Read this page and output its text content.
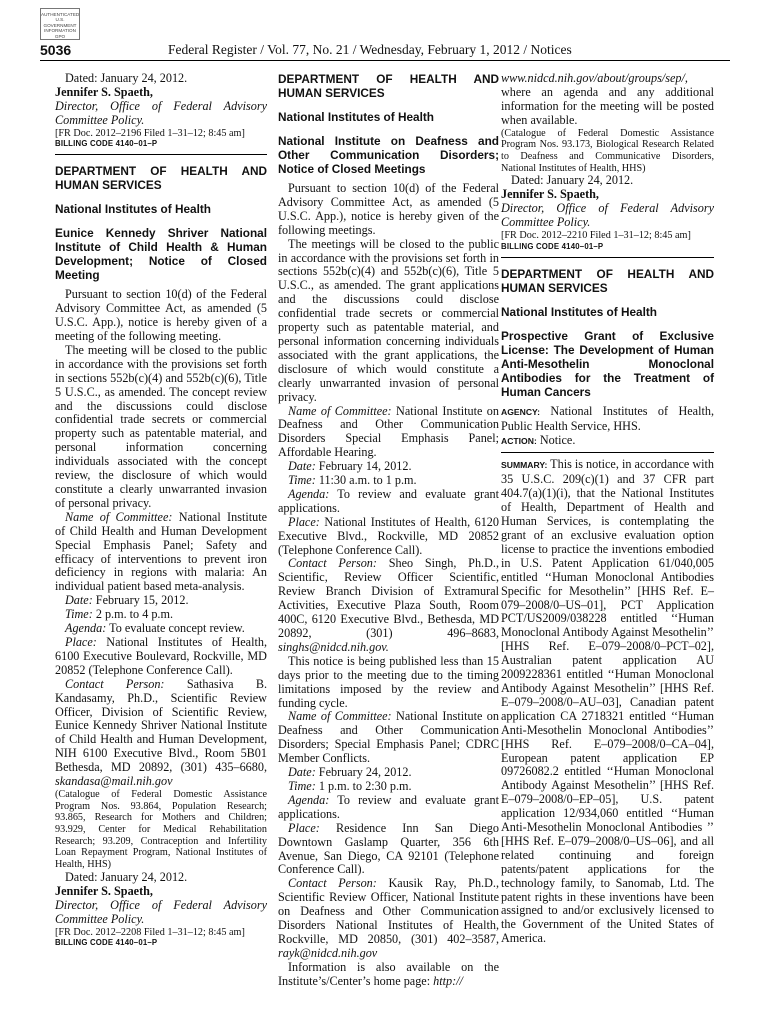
AUTHENTICATED U.S. GOVERNMENT INFORMATION GPO
5036	Federal Register / Vol. 77, No. 21 / Wednesday, February 1, 2012 / Notices

Dated: January 24, 2012.

Jennifer S. Spaeth,

Director, Office of Federal Advisory Committee Policy.

[FR Doc. 2012–2196 Filed 1–31–12; 8:45 am]

BILLING CODE 4140–01–P

DEPARTMENT OF HEALTH AND HUMAN SERVICES

National Institutes of Health

Eunice Kennedy Shriver National Institute of Child Health & Human Development; Notice of Closed Meeting

Pursuant to section 10(d) of the Federal Advisory Committee Act, as amended (5 U.S.C. App.), notice is hereby given of a meeting of the following meeting.

The meeting will be closed to the public in accordance with the provisions set forth in sections 552b(c)(4) and 552b(c)(6), Title 5 U.S.C., as amended. The concept review and the discussions could disclose confidential trade secrets or commercial property such as patentable material, and personal information concerning individuals associated with the concept review, the disclosure of which would constitute a clearly unwarranted invasion of personal privacy.

Name of Committee: National Institute of Child Health and Human Development Special Emphasis Panel; Safety and efficacy of interventions to prevent iron deficiency in regions with malaria: An individual patient based meta-analysis.

Date: February 15, 2012.

Time: 2 p.m. to 4 p.m.

Agenda: To evaluate concept review.

Place: National Institutes of Health, 6100 Executive Boulevard, Rockville, MD 20852 (Telephone Conference Call).

Contact Person: Sathasiva B. Kandasamy, Ph.D., Scientific Review Officer, Division of Scientific Review, Eunice Kennedy Shriver National Institute of Child Health and Human Development, NIH 6100 Executive Blvd., Room 5B01 Bethesda, MD 20892, (301) 435–6680, skandasa@mail.nih.gov

(Catalogue of Federal Domestic Assistance Program Nos. 93.864, Population Research; 93.865, Research for Mothers and Children; 93.929, Center for Medical Rehabilitation Research; 93.209, Contraception and Infertility Loan Repayment Program, National Institutes of Health, HHS)

Dated: January 24, 2012.

Jennifer S. Spaeth,

Director, Office of Federal Advisory Committee Policy.

[FR Doc. 2012–2208 Filed 1–31–12; 8:45 am]

BILLING CODE 4140–01–P

DEPARTMENT OF HEALTH AND HUMAN SERVICES

National Institutes of Health

National Institute on Deafness and Other Communication Disorders; Notice of Closed Meetings

Pursuant to section 10(d) of the Federal Advisory Committee Act, as amended (5 U.S.C. App.), notice is hereby given of the following meetings.

The meetings will be closed to the public in accordance with the provisions set forth in sections 552b(c)(4) and 552b(c)(6), Title 5 U.S.C., as amended. The grant applications and the discussions could disclose confidential trade secrets or commercial property such as patentable material, and personal information concerning individuals associated with the grant applications, the disclosure of which would constitute a clearly unwarranted invasion of personal privacy.

Name of Committee: National Institute on Deafness and Other Communication Disorders Special Emphasis Panel; Affordable Hearing.

Date: February 14, 2012.

Time: 11:30 a.m. to 1 p.m.

Agenda: To review and evaluate grant applications.

Place: National Institutes of Health, 6120 Executive Blvd., Rockville, MD 20852 (Telephone Conference Call).

Contact Person: Sheo Singh, Ph.D., Scientific, Review Officer Scientific, Review Branch Division of Extramural Activities, Executive Plaza South, Room 400C, 6120 Executive Blvd., Bethesda, MD 20892, (301) 496–8683, singhs@nidcd.nih.gov.

This notice is being published less than 15 days prior to the meeting due to the timing limitations imposed by the review and funding cycle.

Name of Committee: National Institute on Deafness and Other Communication Disorders; Special Emphasis Panel; CDRC Member Conflicts.

Date: February 24, 2012.

Time: 1 p.m. to 2:30 p.m.

Agenda: To review and evaluate grant applications.

Place: Residence Inn San Diego Downtown Gaslamp Quarter, 356 6th Avenue, San Diego, CA 92101 (Telephone Conference Call).

Contact Person: Kausik Ray, Ph.D., Scientific Review Officer, National Institute on Deafness and Other Communication Disorders National Institutes of Health, Rockville, MD 20850, (301) 402–3587, rayk@nidcd.nih.gov

Information is also available on the Institute’s/Center’s home page: http://

www.nidcd.nih.gov/about/groups/sep/, where an agenda and any additional information for the meeting will be posted when available.

(Catalogue of Federal Domestic Assistance Program Nos. 93.173, Biological Research Related to Deafness and Communicative Disorders, National Institutes of Health, HHS)

Dated: January 24, 2012.

Jennifer S. Spaeth,

Director, Office of Federal Advisory Committee Policy.

[FR Doc. 2012–2210 Filed 1–31–12; 8:45 am]

BILLING CODE 4140–01–P

DEPARTMENT OF HEALTH AND HUMAN SERVICES

National Institutes of Health

Prospective Grant of Exclusive License: The Development of Human Anti-Mesothelin Monoclonal Antibodies for the Treatment of Human Cancers

AGENCY: National Institutes of Health, Public Health Service, HHS.

ACTION: Notice.

SUMMARY: This is notice, in accordance with 35 U.S.C. 209(c)(1) and 37 CFR part 404.7(a)(1)(i), that the National Institutes of Health, Department of Health and Human Services, is contemplating the grant of an exclusive evaluation option license to practice the inventions embodied in U.S. Patent Application 61/040,005 entitled ‘‘Human Monoclonal Antibodies Specific for Mesothelin’’ [HHS Ref. E–079–2008/0–US–01], PCT Application PCT/US2009/038228 entitled ‘‘Human Monoclonal Antibody Against Mesothelin’’ [HHS Ref. E–079–2008/0–PCT–02], Australian patent application AU 2009228361 entitled ‘‘Human Monoclonal Antibody Against Mesothelin’’ [HHS Ref. E–079–2008/0–AU–03], Canadian patent application CA 2718321 entitled ‘‘Human Anti-Mesothelin Monoclonal Antibodies’’ [HHS Ref. E–079–2008/0–CA–04], European patent application EP 09726082.2 entitled ‘‘Human Monoclonal Antibody Against Mesothelin’’ [HHS Ref. E–079–2008/0–EP–05], U.S. patent application 12/934,060 entitled ‘‘Human Anti-Mesothelin Monoclonal Antibodies ’’ [HHS Ref. E–079–2008/0–US–06], and all related continuing and foreign patents/patent applications for the technology family, to Sanomab, Ltd. The patent rights in these inventions have been assigned to and/or exclusively licensed to the Government of the United States of America.
